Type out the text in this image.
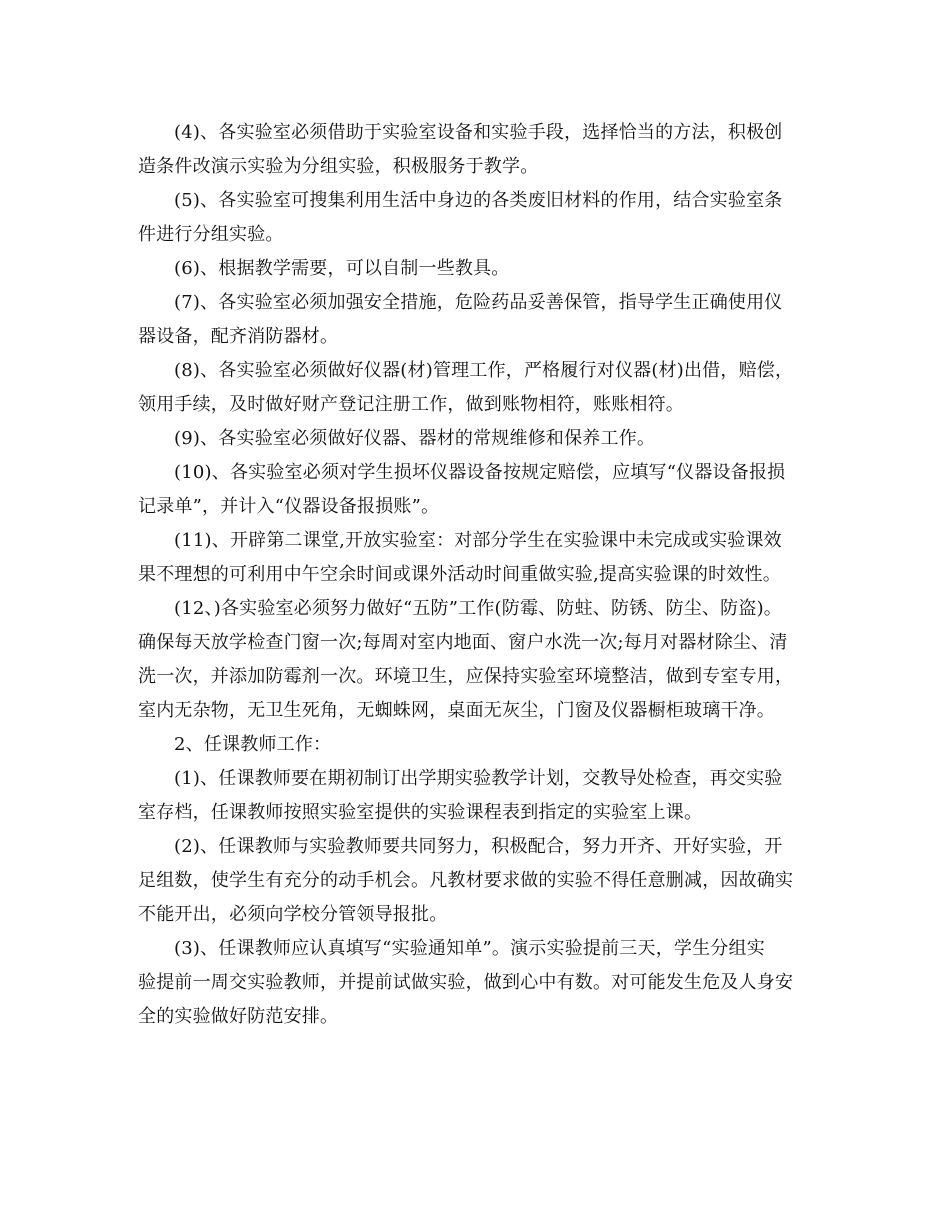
(4)、各实验室必须借助于实验室设备和实验手段，选择恰当的方法，积极创
造条件改演示实验为分组实验，积极服务于教学。

(5)、各实验室可搜集利用生活中身边的各类废旧材料的作用，结合实验室条
件进行分组实验。

(6)、根据教学需要，可以自制一些教具。

(7)、各实验室必须加强安全措施，危险药品妥善保管，指导学生正确使用仪
器设备，配齐消防器材。

(8)、各实验室必须做好仪器(材)管理工作，严格履行对仪器(材)出借，赔偿，
领用手续，及时做好财产登记注册工作，做到账物相符，账账相符。

(9)、各实验室必须做好仪器、器材的常规维修和保养工作。

(10)、各实验室必须对学生损坏仪器设备按规定赔偿，应填写“仪器设备报损
记录单”，并计入“仪器设备报损账”。

(11)、开辟第二课堂,开放实验室：对部分学生在实验课中未完成或实验课效
果不理想的可利用中午空余时间或课外活动时间重做实验,提高实验课的时效性。

(12、)各实验室必须努力做好“五防”工作(防霉、防蛀、防锈、防尘、防盗)。
确保每天放学检查门窗一次;每周对室内地面、窗户水洗一次;每月对器材除尘、清
洗一次，并添加防霉剂一次。环境卫生，应保持实验室环境整洁，做到专室专用，
室内无杂物，无卫生死角，无蜘蛛网，桌面无灰尘，门窗及仪器橱柜玻璃干净。

2、任课教师工作：

(1)、任课教师要在期初制订出学期实验教学计划，交教导处检查，再交实验
室存档，任课教师按照实验室提供的实验课程表到指定的实验室上课。

(2)、任课教师与实验教师要共同努力，积极配合，努力开齐、开好实验，开
足组数，使学生有充分的动手机会。凡教材要求做的实验不得任意删减，因故确实
不能开出，必须向学校分管领导报批。

(3)、任课教师应认真填写“实验通知单”。演示实验提前三天，学生分组实
验提前一周交实验教师，并提前试做实验，做到心中有数。对可能发生危及人身安
全的实验做好防范安排。
